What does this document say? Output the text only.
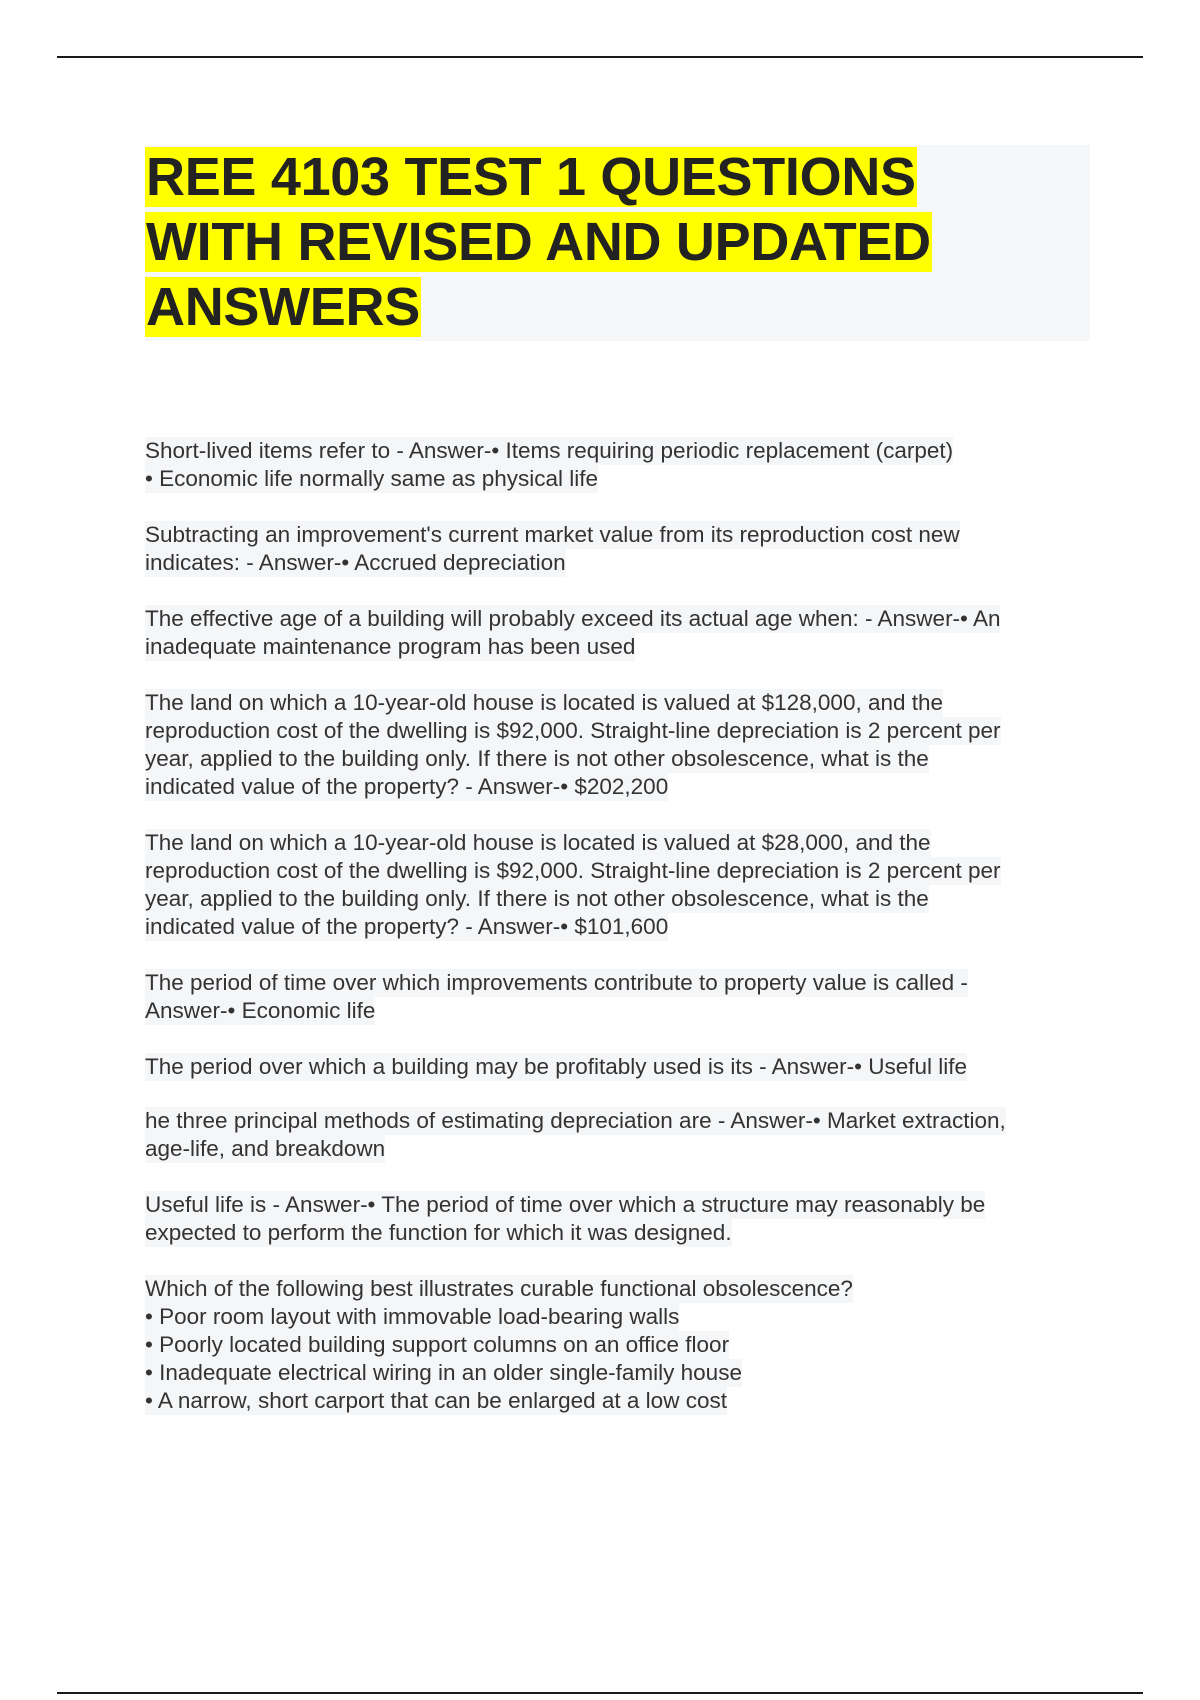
REE 4103 TEST 1 QUESTIONS
WITH REVISED AND UPDATED
ANSWERS

Short-lived items refer to - Answer-• Items requiring periodic replacement (carpet)
• Economic life normally same as physical life

Subtracting an improvement's current market value from its reproduction cost new
indicates: - Answer-• Accrued depreciation

The effective age of a building will probably exceed its actual age when: - Answer-• An
inadequate maintenance program has been used

The land on which a 10-year-old house is located is valued at $128,000, and the
reproduction cost of the dwelling is $92,000. Straight-line depreciation is 2 percent per
year, applied to the building only. If there is not other obsolescence, what is the
indicated value of the property? - Answer-• $202,200

The land on which a 10-year-old house is located is valued at $28,000, and the
reproduction cost of the dwelling is $92,000. Straight-line depreciation is 2 percent per
year, applied to the building only. If there is not other obsolescence, what is the
indicated value of the property? - Answer-• $101,600

The period of time over which improvements contribute to property value is called -
Answer-• Economic life

The period over which a building may be profitably used is its - Answer-• Useful life

he three principal methods of estimating depreciation are - Answer-• Market extraction,
age-life, and breakdown

Useful life is - Answer-• The period of time over which a structure may reasonably be
expected to perform the function for which it was designed.

Which of the following best illustrates curable functional obsolescence?
• Poor room layout with immovable load-bearing walls
• Poorly located building support columns on an office floor
• Inadequate electrical wiring in an older single-family house
• A narrow, short carport that can be enlarged at a low cost
